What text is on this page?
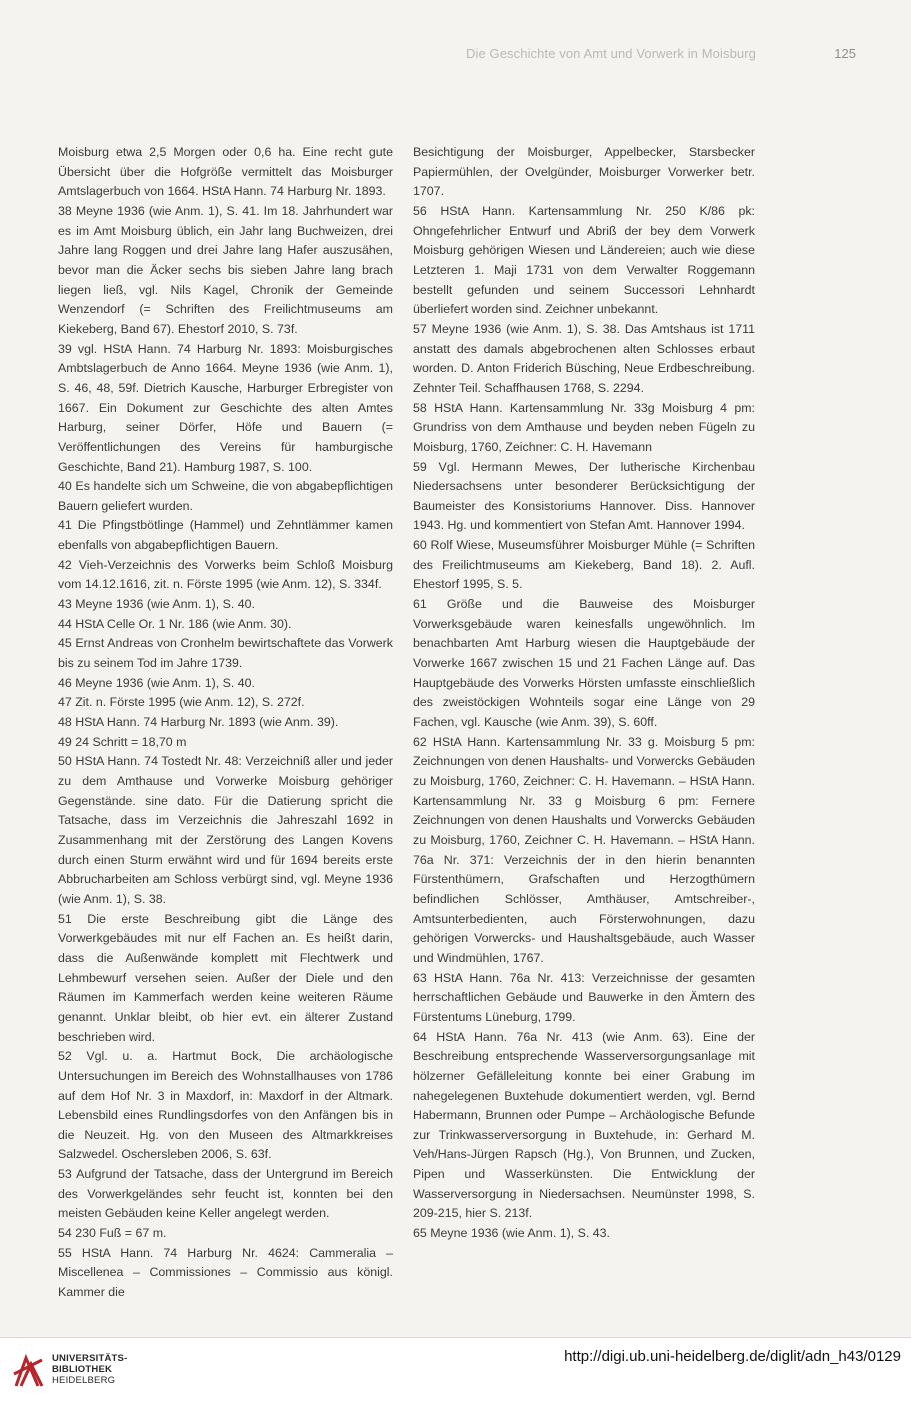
Die Geschichte von Amt und Vorwerk in Moisburg	125

Moisburg etwa 2,5 Morgen oder 0,6 ha. Eine recht gute Übersicht über die Hofgröße vermittelt das Moisburger Amtslagerbuch von 1664. HStA Hann. 74 Harburg Nr. 1893.

38 Meyne 1936 (wie Anm. 1), S. 41. Im 18. Jahrhundert war es im Amt Moisburg üblich, ein Jahr lang Buchweizen, drei Jahre lang Roggen und drei Jahre lang Hafer auszusähen, bevor man die Äcker sechs bis sieben Jahre lang brach liegen ließ, vgl. Nils Kagel, Chronik der Gemeinde Wenzendorf (= Schriften des Freilichtmuseums am Kiekeberg, Band 67). Ehestorf 2010, S. 73f.

39 vgl. HStA Hann. 74 Harburg Nr. 1893: Moisburgisches Ambtslagerbuch de Anno 1664. Meyne 1936 (wie Anm. 1), S. 46, 48, 59f. Dietrich Kausche, Harburger Erbregister von 1667. Ein Dokument zur Geschichte des alten Amtes Harburg, seiner Dörfer, Höfe und Bauern (= Veröffentlichungen des Vereins für hamburgische Geschichte, Band 21). Hamburg 1987, S. 100.

40 Es handelte sich um Schweine, die von abgabepflichtigen Bauern geliefert wurden.

41 Die Pfingstbötlinge (Hammel) und Zehntlämmer kamen ebenfalls von abgabepflichtigen Bauern.

42 Vieh-Verzeichnis des Vorwerks beim Schloß Moisburg vom 14.12.1616, zit. n. Förste 1995 (wie Anm. 12), S. 334f.

43 Meyne 1936 (wie Anm. 1), S. 40.

44 HStA Celle Or. 1 Nr. 186 (wie Anm. 30).

45 Ernst Andreas von Cronhelm bewirtschaftete das Vorwerk bis zu seinem Tod im Jahre 1739.

46 Meyne 1936 (wie Anm. 1), S. 40.

47 Zit. n. Förste 1995 (wie Anm. 12), S. 272f.

48 HStA Hann. 74 Harburg Nr. 1893 (wie Anm. 39).

49 24 Schritt = 18,70 m

50 HStA Hann. 74 Tostedt Nr. 48: Verzeichniß aller und jeder zu dem Amthause und Vorwerke Moisburg gehöriger Gegenstände. sine dato. Für die Datierung spricht die Tatsache, dass im Verzeichnis die Jahreszahl 1692 in Zusammenhang mit der Zerstörung des Langen Kovens durch einen Sturm erwähnt wird und für 1694 bereits erste Abbrucharbeiten am Schloss verbürgt sind, vgl. Meyne 1936 (wie Anm. 1), S. 38.

51 Die erste Beschreibung gibt die Länge des Vorwerkgebäudes mit nur elf Fachen an. Es heißt darin, dass die Außenwände komplett mit Flechtwerk und Lehmbewurf versehen seien. Außer der Diele und den Räumen im Kammerfach werden keine weiteren Räume genannt. Unklar bleibt, ob hier evt. ein älterer Zustand beschrieben wird.

52 Vgl. u. a. Hartmut Bock, Die archäologische Untersuchungen im Bereich des Wohnstallhauses von 1786 auf dem Hof Nr. 3 in Maxdorf, in: Maxdorf in der Altmark. Lebensbild eines Rundlingsdorfes von den Anfängen bis in die Neuzeit. Hg. von den Museen des Altmarkkreises Salzwedel. Oschersleben 2006, S. 63f.

53 Aufgrund der Tatsache, dass der Untergrund im Bereich des Vorwerkgeländes sehr feucht ist, konnten bei den meisten Gebäuden keine Keller angelegt werden.

54 230 Fuß = 67 m.

55 HStA Hann. 74 Harburg Nr. 4624: Cammeralia – Miscellenea – Commissiones – Commissio aus königl. Kammer die

Besichtigung der Moisburger, Appelbecker, Starsbecker Papiermühlen, der Ovelgünder, Moisburger Vorwerker betr. 1707.

56 HStA Hann. Kartensammlung Nr. 250 K/86 pk: Ohngefehrlicher Entwurf und Abriß der bey dem Vorwerk Moisburg gehörigen Wiesen und Ländereien; auch wie diese Letzteren 1. Maji 1731 von dem Verwalter Roggemann bestellt gefunden und seinem Successori Lehnhardt überliefert worden sind. Zeichner unbekannt.

57 Meyne 1936 (wie Anm. 1), S. 38. Das Amtshaus ist 1711 anstatt des damals abgebrochenen alten Schlosses erbaut worden. D. Anton Friderich Büsching, Neue Erdbeschreibung. Zehnter Teil. Schaffhausen 1768, S. 2294.

58 HStA Hann. Kartensammlung Nr. 33g Moisburg 4 pm: Grundriss von dem Amthause und beyden neben Fügeln zu Moisburg, 1760, Zeichner: C. H. Havemann

59 Vgl. Hermann Mewes, Der lutherische Kirchenbau Niedersachsens unter besonderer Berücksichtigung der Baumeister des Konsistoriums Hannover. Diss. Hannover 1943. Hg. und kommentiert von Stefan Amt. Hannover 1994.

60 Rolf Wiese, Museumsführer Moisburger Mühle (= Schriften des Freilichtmuseums am Kiekeberg, Band 18). 2. Aufl. Ehestorf 1995, S. 5.

61 Größe und die Bauweise des Moisburger Vorwerksgebäude waren keinesfalls ungewöhnlich. Im benachbarten Amt Harburg wiesen die Hauptgebäude der Vorwerke 1667 zwischen 15 und 21 Fachen Länge auf. Das Hauptgebäude des Vorwerks Hörsten umfasste einschließlich des zweistöckigen Wohnteils sogar eine Länge von 29 Fachen, vgl. Kausche (wie Anm. 39), S. 60ff.

62 HStA Hann. Kartensammlung Nr. 33 g. Moisburg 5 pm: Zeichnungen von denen Haushalts- und Vorwercks Gebäuden zu Moisburg, 1760, Zeichner: C. H. Havemann. – HStA Hann. Kartensammlung Nr. 33 g Moisburg 6 pm: Fernere Zeichnungen von denen Haushalts und Vorwercks Gebäuden zu Moisburg, 1760, Zeichner C. H. Havemann. – HStA Hann. 76a Nr. 371: Verzeichnis der in den hierin benannten Fürstenthümern, Grafschaften und Herzogthümern befindlichen Schlösser, Amthäuser, Amtschreiber-, Amtsunterbedienten, auch Försterwohnungen, dazu gehörigen Vorwercks- und Haushaltsgebäude, auch Wasser und Windmühlen, 1767.

63 HStA Hann. 76a Nr. 413: Verzeichnisse der gesamten herrschaftlichen Gebäude und Bauwerke in den Ämtern des Fürstentums Lüneburg, 1799.

64 HStA Hann. 76a Nr. 413 (wie Anm. 63). Eine der Beschreibung entsprechende Wasserversorgungsanlage mit hölzerner Gefälleleitung konnte bei einer Grabung im nahegelegenen Buxtehude dokumentiert werden, vgl. Bernd Habermann, Brunnen oder Pumpe – Archäologische Befunde zur Trinkwasserversorgung in Buxtehude, in: Gerhard M. Veh/Hans-Jürgen Rapsch (Hg.), Von Brunnen, und Zucken, Pipen und Wasserkünsten. Die Entwicklung der Wasserversorgung in Niedersachsen. Neumünster 1998, S. 209-215, hier S. 213f.

65 Meyne 1936 (wie Anm. 1), S. 43.

UNIVERSITÄTS-
BIBLIOTHEK
HEIDELBERG
http://digi.ub.uni-heidelberg.de/diglit/adn_h43/0129
